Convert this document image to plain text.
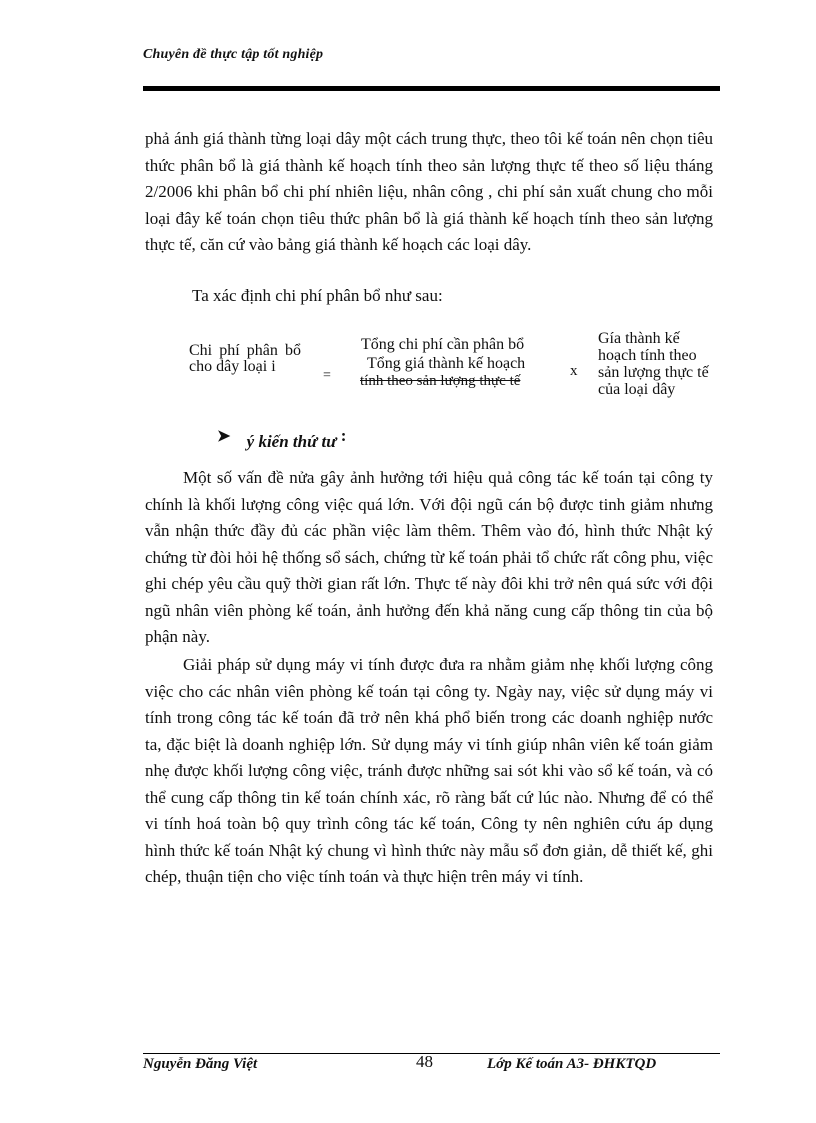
Chuyên đề thực tập tốt nghiệp

phả ánh giá thành từng loại dây một cách trung thực, theo tôi kế toán nên chọn tiêu thức phân bổ là giá thành kế hoạch tính theo sản lượng thực tế theo số liệu tháng 2/2006 khi phân bổ chi phí nhiên liệu, nhân công , chi phí sản xuất chung cho mỗi loại đây kế toán chọn tiêu thức phân bổ là giá thành kế hoạch tính theo sản lượng thực tế, căn cứ vào bảng giá thành kế hoạch các loại dây.

Ta xác định chi phí phân bổ như sau:
Chi phí phân bổ cho dây loại i
=
Tổng chi phí cần phân bổ
Tổng giá thành kế hoạch
tính theo sản lượng thực tế
x
Gía thành kế hoạch tính theo sản lượng thực tế của loại dây
➤ ý kiến thứ tư :

Một số vấn đề nửa gây ảnh hưởng tới hiệu quả công tác kế toán tại công ty chính là khối lượng công việc quá lớn. Với đội ngũ cán bộ được tinh giảm nhưng vẫn nhận thức đầy đủ các phần việc làm thêm. Thêm vào đó, hình thức Nhật ký chứng từ đòi hỏi hệ thống sổ sách, chứng từ kế toán phải tổ chức rất công phu, việc ghi chép yêu cầu quỹ thời gian rất lớn. Thực tế này đôi khi trở nên quá sức với đội ngũ nhân viên phòng kế toán, ảnh hưởng đến khả năng cung cấp thông tin của bộ phận này.

Giải pháp sử dụng máy vi tính được đưa ra nhằm giảm nhẹ khối lượng công việc cho các nhân viên phòng kế toán tại công ty. Ngày nay, việc sử dụng máy vi tính trong công tác kế toán đã trở nên khá phổ biến trong các doanh nghiệp nước ta, đặc biệt là doanh nghiệp lớn. Sử dụng máy vi tính giúp nhân viên kế toán giảm nhẹ được khối lượng công việc, tránh được những sai sót khi vào sổ kế toán, và có thể cung cấp thông tin kế toán chính xác, rõ ràng bất cứ lúc nào. Nhưng để có thể vi tính hoá toàn bộ quy trình công tác kế toán, Công ty nên nghiên cứu áp dụng hình thức kế toán Nhật ký chung vì hình thức này mẫu sổ đơn giản, dễ thiết kế, ghi chép, thuận tiện cho việc tính toán và thực hiện trên máy vi tính.

Nguyễn Đăng Việt	48	Lớp Kế toán A3- ĐHKTQD
